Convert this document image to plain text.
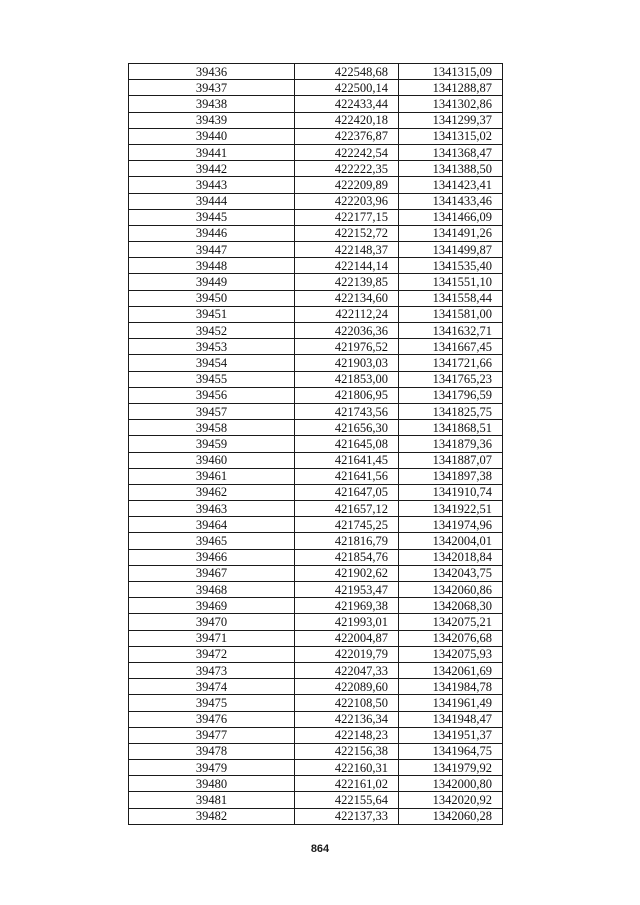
39436	422548,68	1341315,09
39437	422500,14	1341288,87
39438	422433,44	1341302,86
39439	422420,18	1341299,37
39440	422376,87	1341315,02
39441	422242,54	1341368,47
39442	422222,35	1341388,50
39443	422209,89	1341423,41
39444	422203,96	1341433,46
39445	422177,15	1341466,09
39446	422152,72	1341491,26
39447	422148,37	1341499,87
39448	422144,14	1341535,40
39449	422139,85	1341551,10
39450	422134,60	1341558,44
39451	422112,24	1341581,00
39452	422036,36	1341632,71
39453	421976,52	1341667,45
39454	421903,03	1341721,66
39455	421853,00	1341765,23
39456	421806,95	1341796,59
39457	421743,56	1341825,75
39458	421656,30	1341868,51
39459	421645,08	1341879,36
39460	421641,45	1341887,07
39461	421641,56	1341897,38
39462	421647,05	1341910,74
39463	421657,12	1341922,51
39464	421745,25	1341974,96
39465	421816,79	1342004,01
39466	421854,76	1342018,84
39467	421902,62	1342043,75
39468	421953,47	1342060,86
39469	421969,38	1342068,30
39470	421993,01	1342075,21
39471	422004,87	1342076,68
39472	422019,79	1342075,93
39473	422047,33	1342061,69
39474	422089,60	1341984,78
39475	422108,50	1341961,49
39476	422136,34	1341948,47
39477	422148,23	1341951,37
39478	422156,38	1341964,75
39479	422160,31	1341979,92
39480	422161,02	1342000,80
39481	422155,64	1342020,92
39482	422137,33	1342060,28
864
